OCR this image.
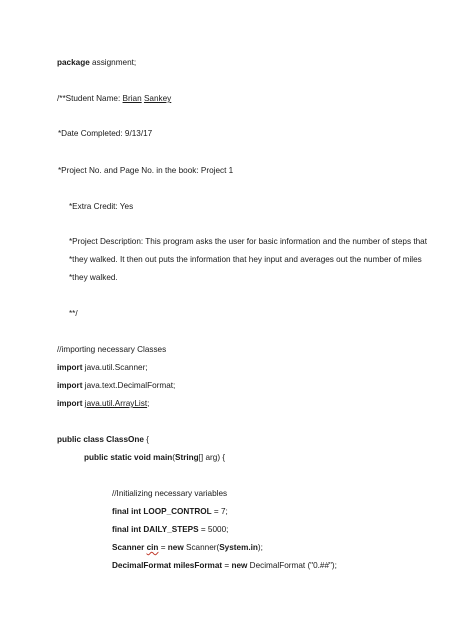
package assignment;
/**Student Name: Brian Sankey
*Date Completed: 9/13/17
*Project No. and Page No. in the book: Project 1
*Extra Credit: Yes
*Project Description: This program asks the user for basic information and the number of steps that
*they walked. It then out puts the information that hey input and averages out the number of miles
*they walked.
**/
//importing necessary Classes
import java.util.Scanner;
import java.text.DecimalFormat;
import java.util.ArrayList;
public class ClassOne {
public static void main(String[] arg) {
//Initializing necessary variables
final int LOOP_CONTROL = 7;
final int DAILY_STEPS = 5000;
Scanner cin = new Scanner(System.in);
DecimalFormat milesFormat = new DecimalFormat ("0.##");
